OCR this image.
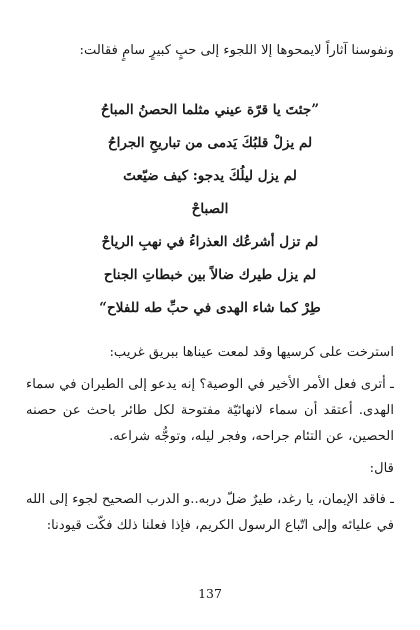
ونفوسنا آثاراً لايمحوها إلا اللجوء إلى حبٍ كبيرٍ سامٍ فقالت:

”جئتَ يا قرّة عيني مثلما الحصنُ المباحُ
لم يزلْ قلبُكَ يَدمى من تباريحِ الجراحُ
لم يزل ليلُكَ يدجو: كيف ضيّعتَ
الصباحْ
لم تزل أشرعُك العذراءُ في نهبِ الرياحْ
لم يزل طيرك ضالاً بين خبطاتِ الجناح
طِرْ كما شاء الهدى في حبِّ طه للفلاح“

استرخت على كرسيها وقد لمعت عيناها ببريق غريب:

ـ أترى فعل الأمر الأخير في الوصية؟ إنه يدعو إلى الطيران في سماء الهدى. أعتقد أن سماء لانهائيّة مفتوحة لكل طائر باحث عن حصنه الحصين، عن التئام جراحه، وفجر ليله، وتوجُّه شراعه.

قال:

ـ فاقد الإيمان، يا رغد، طيرٌ ضلّ دربه..و الدرب الصحيح لجوء إلى الله في عليائه وإلى اتّباع الرسول الكريم، فإذا فعلنا ذلك فكّت قيودنا:

137
